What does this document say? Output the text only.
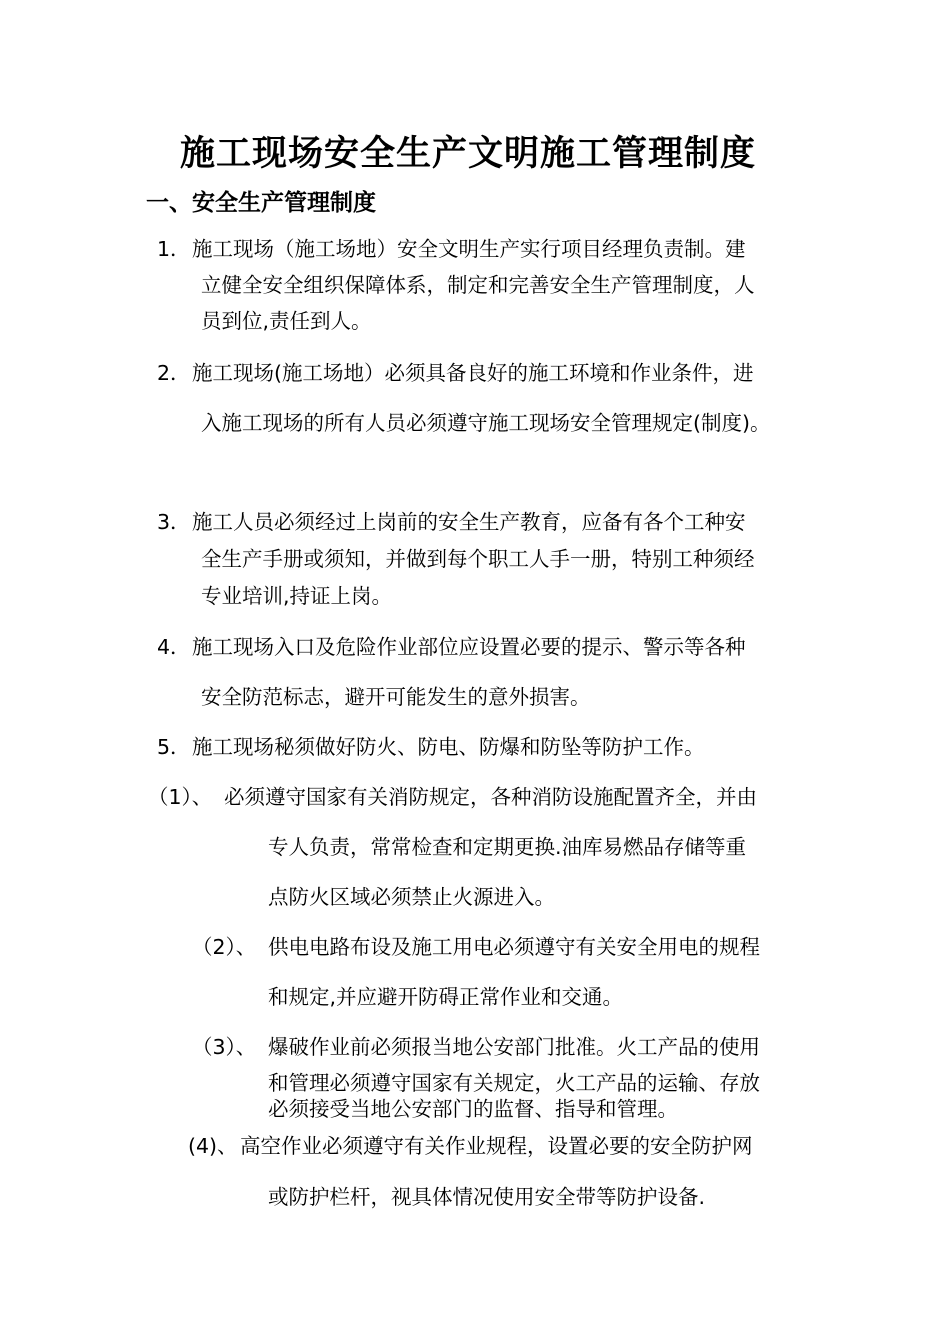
施工现场安全生产文明施工管理制度
一、安全生产管理制度
1． 施工现场（施工场地）安全文明生产实行项目经理负责制。建
立健全安全组织保障体系，制定和完善安全生产管理制度，人
员到位,责任到人。
2． 施工现场(施工场地）必须具备良好的施工环境和作业条件，进
入施工现场的所有人员必须遵守施工现场安全管理规定(制度)。
3． 施工人员必须经过上岗前的安全生产教育，应备有各个工种安
全生产手册或须知，并做到每个职工人手一册，特别工种须经
专业培训,持证上岗。
4． 施工现场入口及危险作业部位应设置必要的提示、警示等各种
安全防范标志，避开可能发生的意外损害。
5． 施工现场秘须做好防火、防电、防爆和防坠等防护工作。
（1）、 必须遵守国家有关消防规定，各种消防设施配置齐全，并由
专人负责，常常检查和定期更换.油库易燃品存储等重
点防火区域必须禁止火源进入。
（2）、 供电电路布设及施工用电必须遵守有关安全用电的规程
和规定,并应避开防碍正常作业和交通。
（3）、 爆破作业前必须报当地公安部门批准。火工产品的使用
和管理必须遵守国家有关规定，火工产品的运输、存放
必须接受当地公安部门的监督、指导和管理。
(4)、 高空作业必须遵守有关作业规程，设置必要的安全防护网
或防护栏杆，视具体情况使用安全带等防护设备.
